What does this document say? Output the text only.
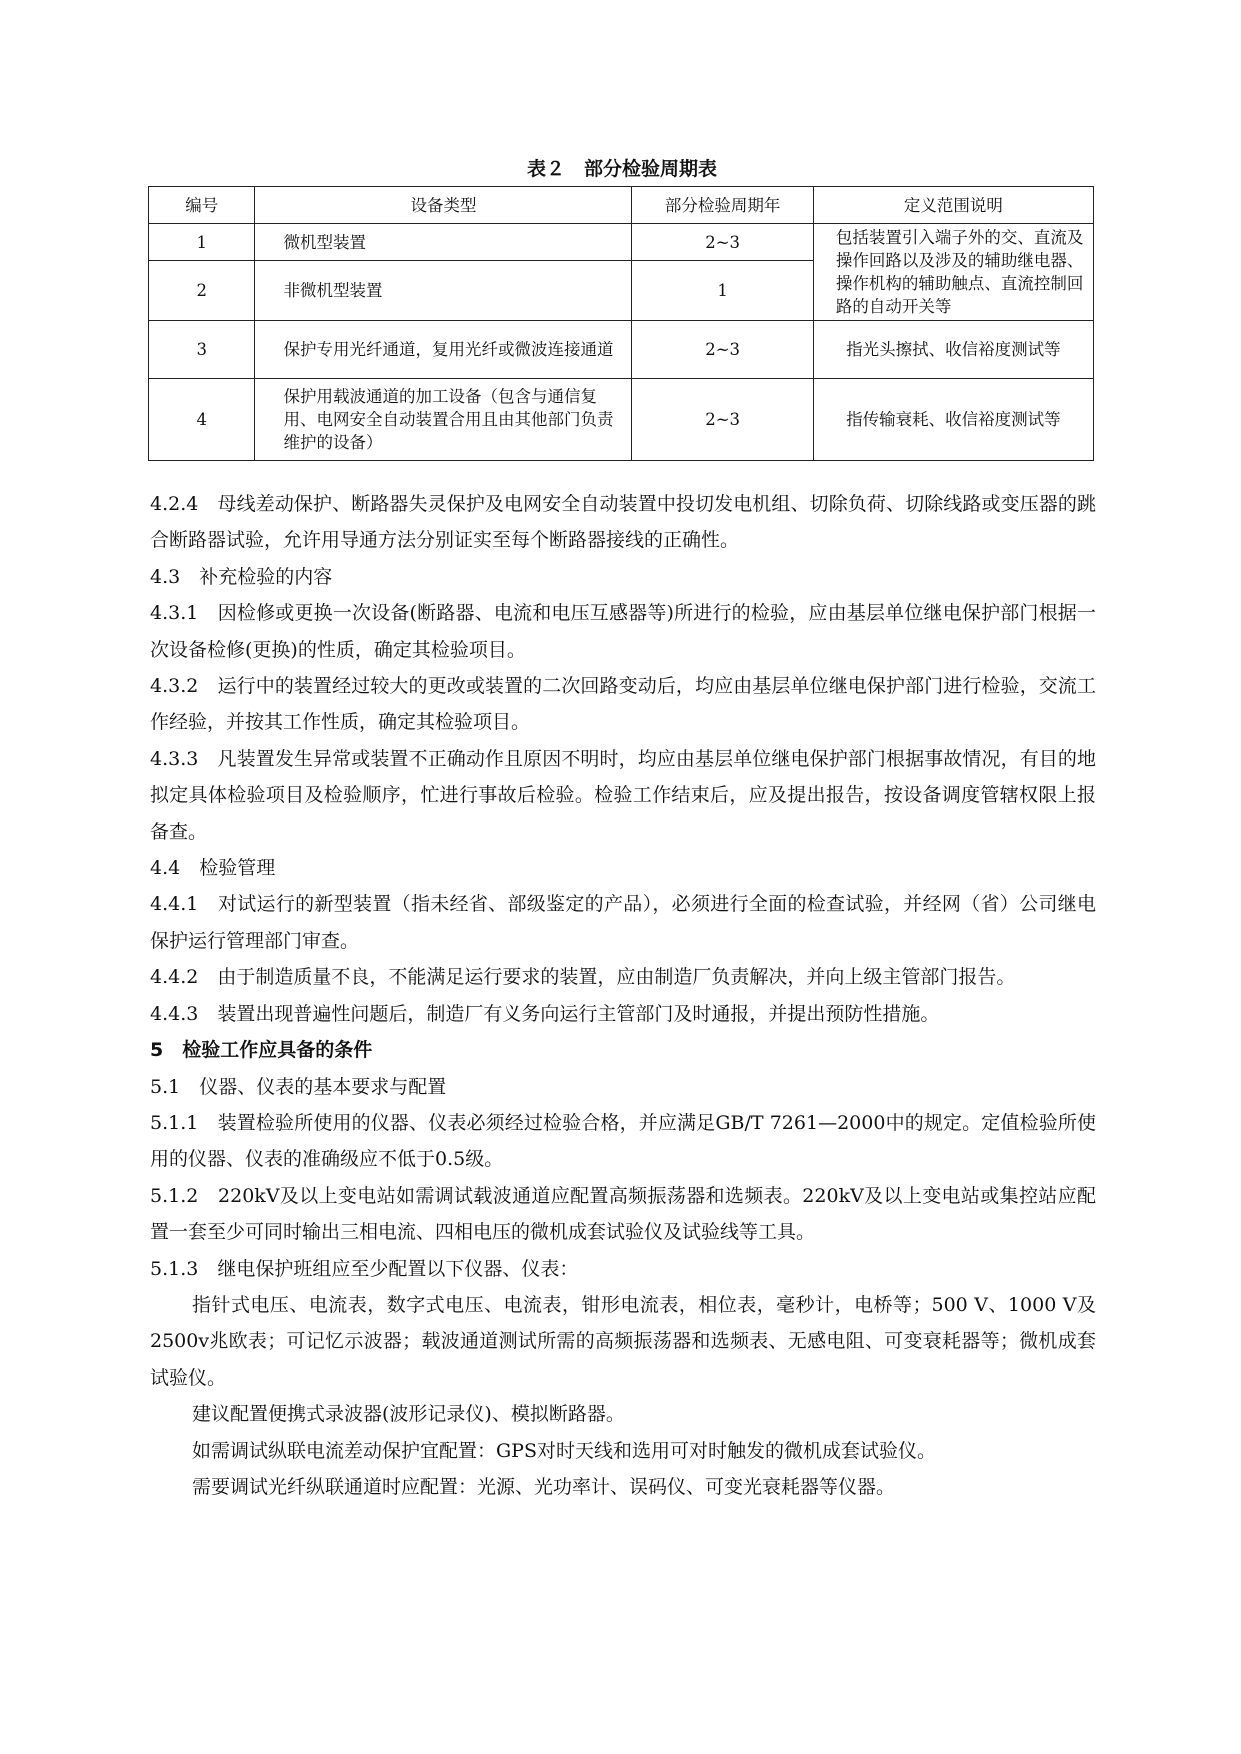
表２　部分检验周期表
编号	设备类型	部分检验周期年	定义范围说明
1	微机型装置	2~3	包括装置引入端子外的交、直流及操作回路以及涉及的辅助继电器、操作机构的辅助触点、直流控制回路的自动开关等
2	非微机型装置	1	
3	保护专用光纤通道，复用光纤或微波连接通道	2~3	指光头擦拭、收信裕度测试等
4	保护用载波通道的加工设备（包含与通信复用、电网安全自动装置合用且由其他部门负责维护的设备）	2~3	指传输衰耗、收信裕度测试等

4.2.4　母线差动保护、断路器失灵保护及电网安全自动装置中投切发电机组、切除负荷、切除线路或变压器的跳合断路器试验，允许用导通方法分别证实至每个断路器接线的正确性。

4.3　补充检验的内容

4.3.1　因检修或更换一次设备(断路器、电流和电压互感器等)所进行的检验，应由基层单位继电保护部门根据一次设备检修(更换)的性质，确定其检验项目。

4.3.2　运行中的装置经过较大的更改或装置的二次回路变动后，均应由基层单位继电保护部门进行检验，交流工作经验，并按其工作性质，确定其检验项目。

4.3.3　凡装置发生异常或装置不正确动作且原因不明时，均应由基层单位继电保护部门根据事故情况，有目的地拟定具体检验项目及检验顺序，忙进行事故后检验。检验工作结束后，应及提出报告，按设备调度管辖权限上报备查。

4.4　检验管理

4.4.1　对试运行的新型装置（指未经省、部级鉴定的产品），必须进行全面的检查试验，并经网（省）公司继电保护运行管理部门审查。

4.4.2　由于制造质量不良，不能满足运行要求的装置，应由制造厂负责解决，并向上级主管部门报告。

4.4.3　装置出现普遍性问题后，制造厂有义务向运行主管部门及时通报，并提出预防性措施。

5　检验工作应具备的条件

5.1　仪器、仪表的基本要求与配置

5.1.1　装置检验所使用的仪器、仪表必须经过检验合格，并应满足GB/T 7261—2000中的规定。定值检验所使用的仪器、仪表的准确级应不低于0.5级。

5.1.2　220kV及以上变电站如需调试载波通道应配置高频振荡器和选频表。220kV及以上变电站或集控站应配置一套至少可同时输出三相电流、四相电压的微机成套试验仪及试验线等工具。

5.1.3　继电保护班组应至少配置以下仪器、仪表：

指针式电压、电流表，数字式电压、电流表，钳形电流表，相位表，毫秒计，电桥等；500 V、1000 V及2500v兆欧表；可记忆示波器；载波通道测试所需的高频振荡器和选频表、无感电阻、可变衰耗器等；微机成套试验仪。

建议配置便携式录波器(波形记录仪)、模拟断路器。

如需调试纵联电流差动保护宜配置：GPS对时天线和选用可对时触发的微机成套试验仪。

需要调试光纤纵联通道时应配置：光源、光功率计、误码仪、可变光衰耗器等仪器。
